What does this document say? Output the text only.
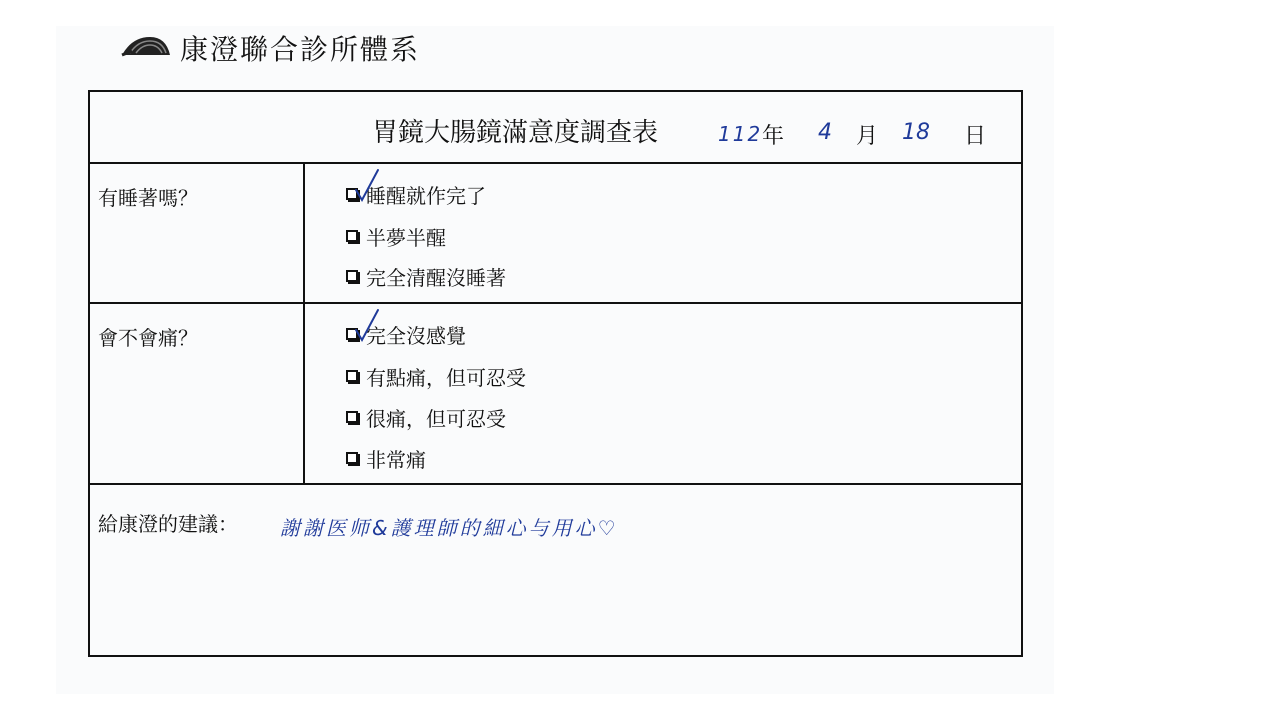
康澄聯合診所體系
胃鏡大腸鏡滿意度調查表	112 年 4 月 18 日
有睡著嗎？	睡醒就作完了
半夢半醒
完全清醒沒睡著
會不會痛？	完全沒感覺
有點痛，但可忍受
很痛，但可忍受
非常痛
給康澄的建議： 謝謝医师&護理師的細心与用心♡
